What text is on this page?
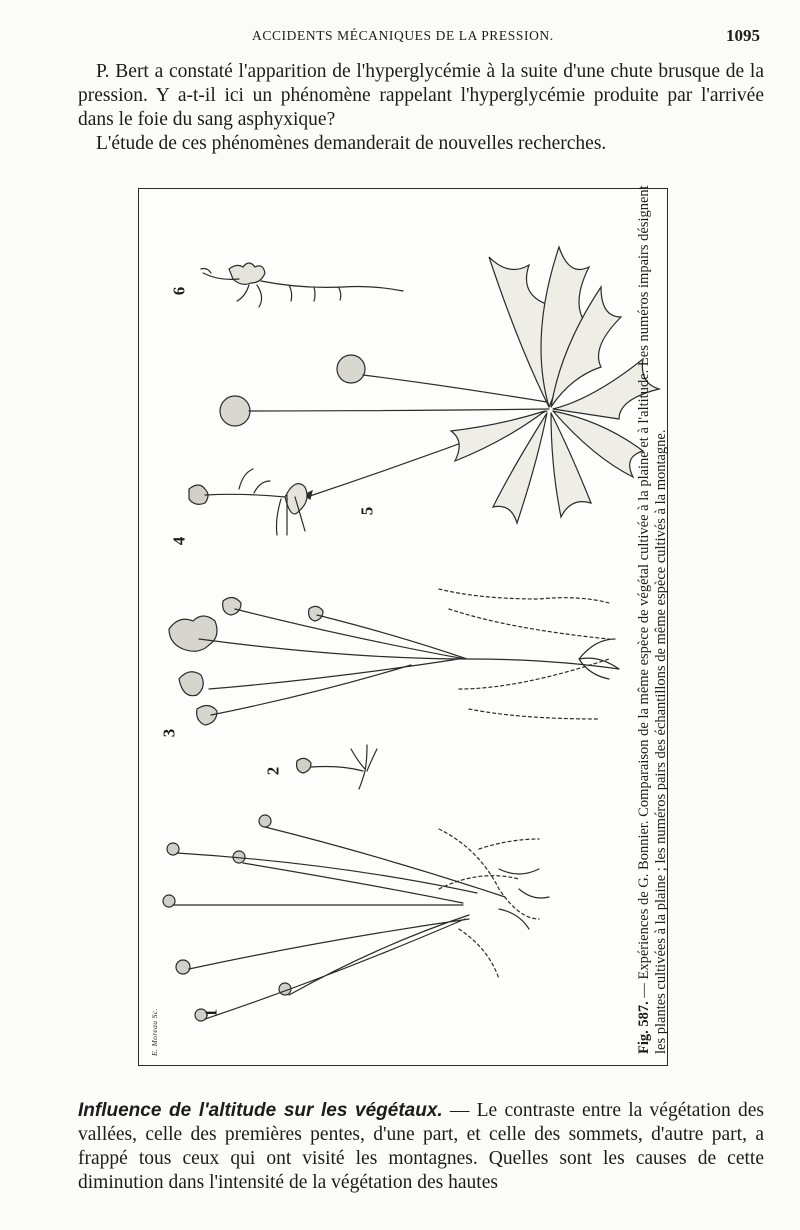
ACCIDENTS MÉCANIQUES DE LA PRESSION.	1095

P. Bert a constaté l'apparition de l'hyperglycémie à la suite d'une chute brusque de la pression. Y a-t-il ici un phénomène rappelant l'hyperglycémie produite par l'arrivée dans le foie du sang asphyxique?

L'étude de ces phénomènes demanderait de nouvelles recherches.

6
5
4
3
2
1
E. Moreau Sc.	Fig. 587. — Expériences de G. Bonnier. Comparaison de la même espèce de végétal cultivée à la plaine et à l'altitude. Les numéros impairs désignent les plantes cultivées à la plaine ; les numéros pairs des échantillons de même espèce cultivés à la montagne.
Influence de l'altitude sur les végétaux. — Le contraste entre la végétation des vallées, celle des premières pentes, d'une part, et celle des sommets, d'autre part, a frappé tous ceux qui ont visité les montagnes. Quelles sont les causes de cette diminution dans l'intensité de la végétation des hautes
